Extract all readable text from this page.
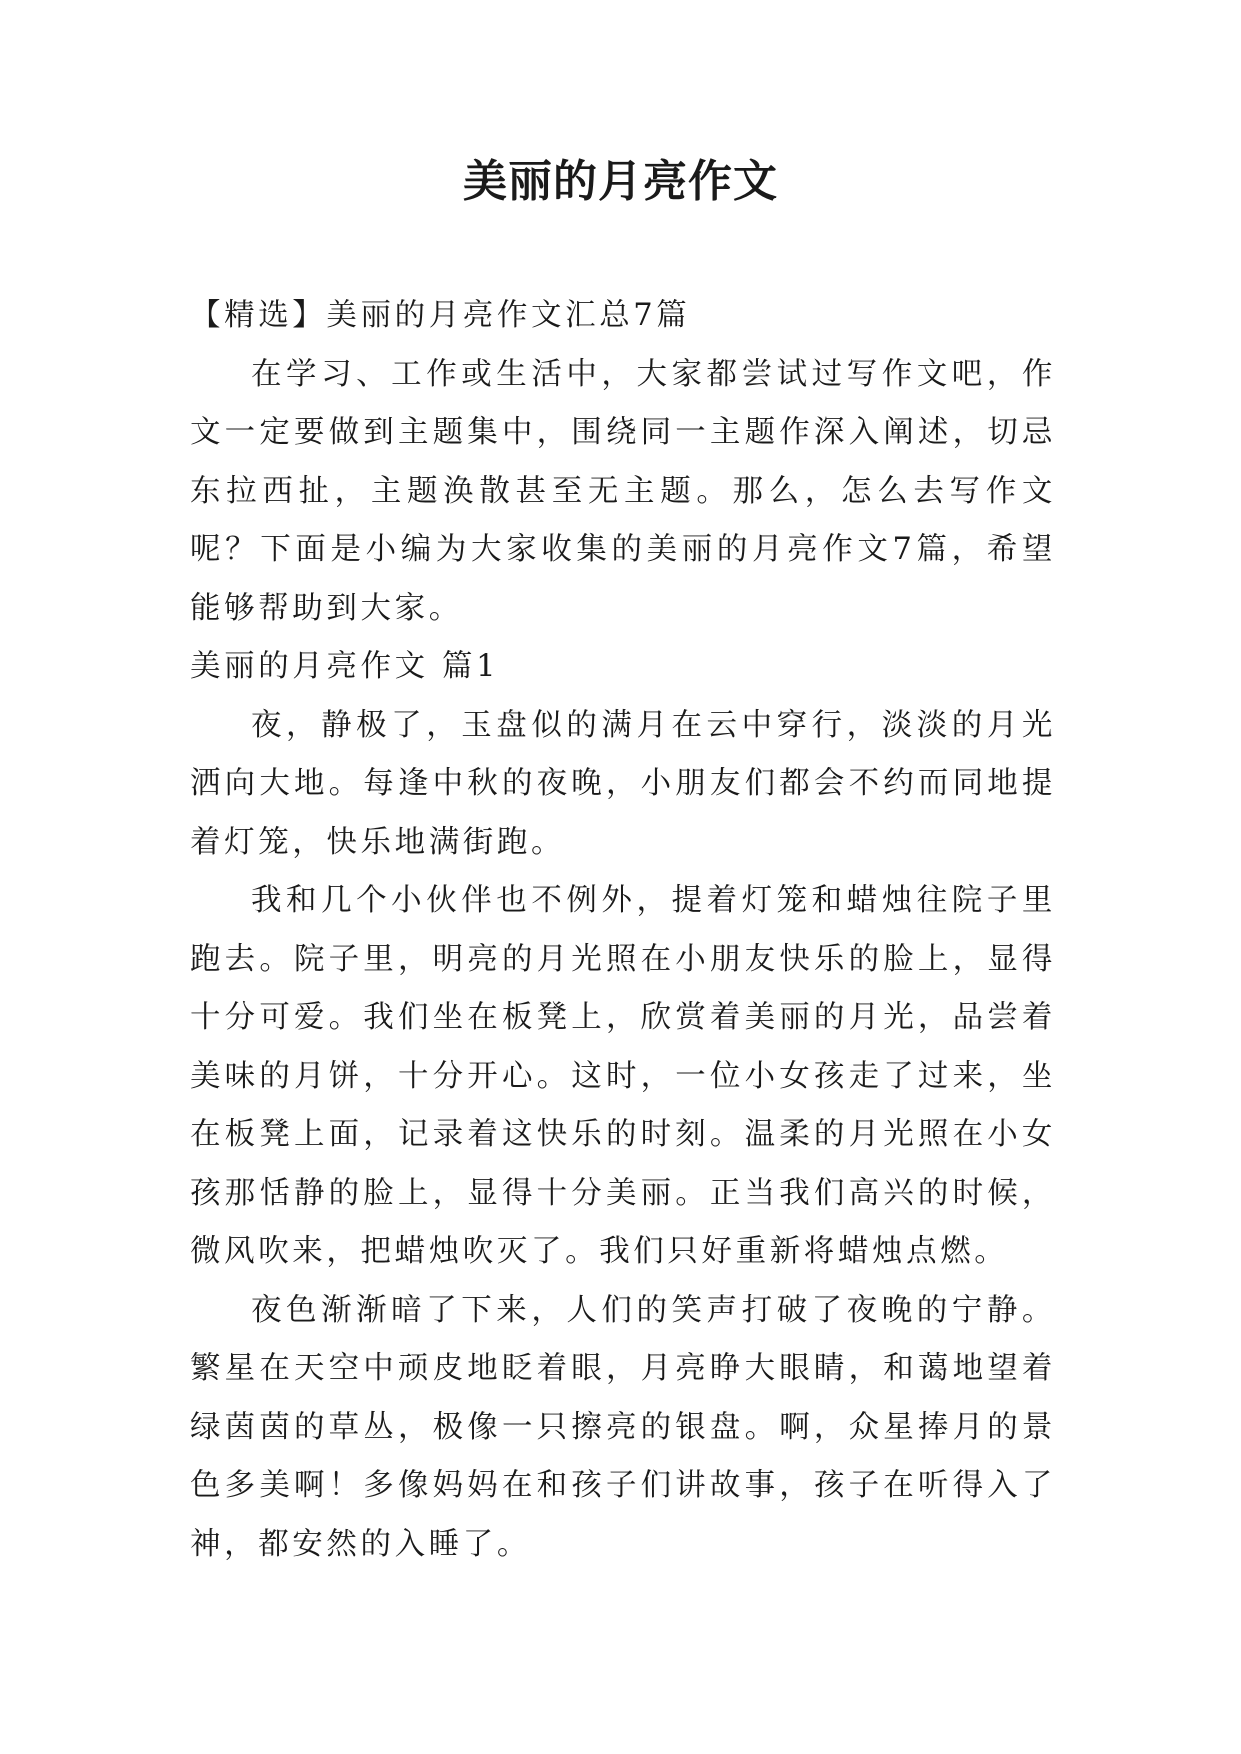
美丽的月亮作文

【精选】美丽的月亮作文汇总7篇

在学习、工作或生活中，大家都尝试过写作文吧，作文一定要做到主题集中，围绕同一主题作深入阐述，切忌东拉西扯，主题涣散甚至无主题。那么，怎么去写作文呢？下面是小编为大家收集的美丽的月亮作文7篇，希望能够帮助到大家。

美丽的月亮作文 篇1

夜，静极了，玉盘似的满月在云中穿行，淡淡的月光洒向大地。每逢中秋的夜晚，小朋友们都会不约而同地提着灯笼，快乐地满街跑。

我和几个小伙伴也不例外，提着灯笼和蜡烛往院子里跑去。院子里，明亮的月光照在小朋友快乐的脸上，显得十分可爱。我们坐在板凳上，欣赏着美丽的月光，品尝着美味的月饼，十分开心。这时，一位小女孩走了过来，坐在板凳上面，记录着这快乐的时刻。温柔的月光照在小女孩那恬静的脸上，显得十分美丽。正当我们高兴的时候，微风吹来，把蜡烛吹灭了。我们只好重新将蜡烛点燃。

夜色渐渐暗了下来，人们的笑声打破了夜晚的宁静。繁星在天空中顽皮地眨着眼，月亮睁大眼睛，和蔼地望着绿茵茵的草丛，极像一只擦亮的银盘。啊，众星捧月的景色多美啊！多像妈妈在和孩子们讲故事，孩子在听得入了神，都安然的入睡了。
